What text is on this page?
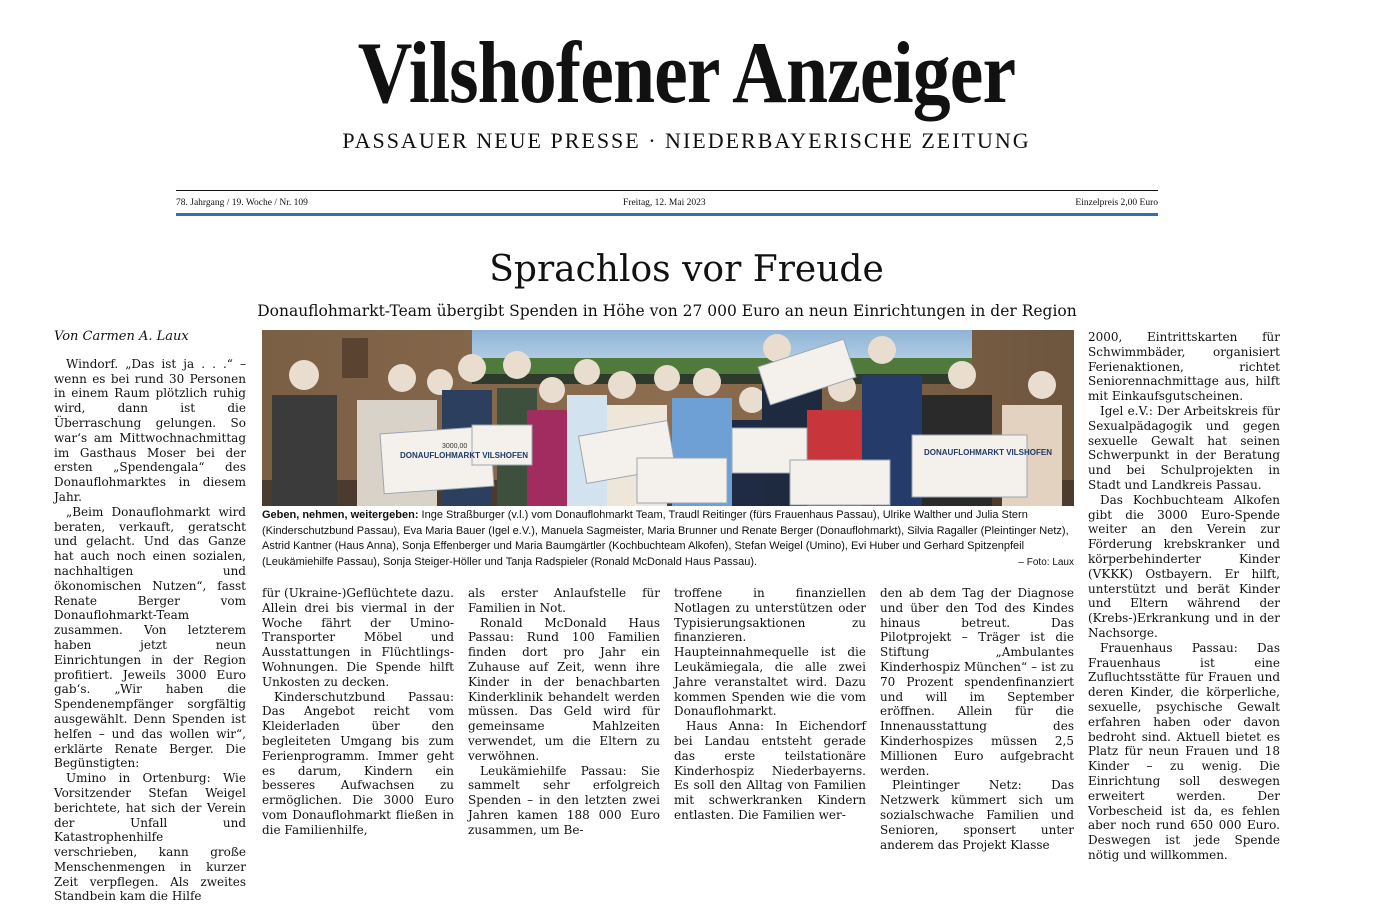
Vilshofener Anzeiger
PASSAUER NEUE PRESSE · NIEDERBAYERISCHE ZEITUNG
78. Jahrgang / 19. Woche / Nr. 109	Freitag, 12. Mai 2023	Einzelpreis 2,00 Euro
Sprachlos vor Freude
Donauflohmarkt-Team übergibt Spenden in Höhe von 27 000 Euro an neun Einrichtungen in der Region

Von Carmen A. Laux

Windorf. „Das ist ja . . .“ – wenn es bei rund 30 Personen in einem Raum plötzlich ruhig wird, dann ist die Überraschung gelungen. So war‘s am Mittwochnachmittag im Gasthaus Moser bei der ersten „Spendengala“ des Donauflohmarktes in diesem Jahr.

„Beim Donauflohmarkt wird beraten, verkauft, geratscht und gelacht. Und das Ganze hat auch noch einen sozialen, nachhaltigen und ökonomischen Nutzen“, fasst Renate Berger vom Donauflohmarkt-Team zusammen. Von letzterem haben jetzt neun Einrichtungen in der Region profitiert. Jeweils 3000 Euro gab‘s. „Wir haben die Spendenempfänger sorgfältig ausgewählt. Denn Spenden ist helfen – und das wollen wir“, erklärte Renate Berger. Die Begünstigten:

Umino in Ortenburg: Wie Vorsitzender Stefan Weigel berichtete, hat sich der Verein der Unfall und Katastrophenhilfe verschrieben, kann große Menschenmengen in kurzer Zeit verpflegen. Als zweites Standbein kam die Hilfe

DONAUFLOHMARKT VILSHOFEN
3000,00
DONAUFLOHMARKT VILSHOFEN
Geben, nehmen, weitergeben: Inge Straßburger (v.l.) vom Donauflohmarkt Team, Traudl Reitinger (fürs Frauenhaus Passau), Ulrike Walther und Julia Stern (Kinderschutzbund Passau), Eva Maria Bauer (Igel e.V.), Manuela Sagmeister, Maria Brunner und Renate Berger (Donauflohmarkt), Silvia Ragaller (Pleintinger Netz), Astrid Kantner (Haus Anna), Sonja Effenberger und Maria Baumgärtler (Kochbuchteam Alkofen), Stefan Weigel (Umino), Evi Huber und Gerhard Spitzenpfeil (Leukämiehilfe Passau), Sonja Steiger-Höller und Tanja Radspieler (Ronald McDonald Haus Passau).	– Foto: Laux

für (Ukraine-)Geflüchtete dazu. Allein drei bis viermal in der Woche fährt der Umino-Transporter Möbel und Ausstattungen in Flüchtlings-Wohnungen. Die Spende hilft Unkosten zu decken.

Kinderschutzbund Passau: Das Angebot reicht vom Kleiderladen über den begleiteten Umgang bis zum Ferienprogramm. Immer geht es darum, Kindern ein besseres Aufwachsen zu ermöglichen. Die 3000 Euro vom Donauflohmarkt fließen in die Familienhilfe,

als erster Anlaufstelle für Familien in Not.

Ronald McDonald Haus Passau: Rund 100 Familien finden dort pro Jahr ein Zuhause auf Zeit, wenn ihre Kinder in der benachbarten Kinderklinik behandelt werden müssen. Das Geld wird für gemeinsame Mahlzeiten verwendet, um die Eltern zu verwöhnen.

Leukämiehilfe Passau: Sie sammelt sehr erfolgreich Spenden – in den letzten zwei Jahren kamen 188 000 Euro zusammen, um Be-

troffene in finanziellen Notlagen zu unterstützen oder Typisierungsaktionen zu finanzieren. Haupteinnahmequelle ist die Leukämiegala, die alle zwei Jahre veranstaltet wird. Dazu kommen Spenden wie die vom Donauflohmarkt.

Haus Anna: In Eichendorf bei Landau entsteht gerade das erste teilstationäre Kinderhospiz Niederbayerns. Es soll den Alltag von Familien mit schwerkranken Kindern entlasten. Die Familien wer-

den ab dem Tag der Diagnose und über den Tod des Kindes hinaus betreut. Das Pilotprojekt – Träger ist die Stiftung „Ambulantes Kinderhospiz München“ – ist zu 70 Prozent spendenfinanziert und will im September eröffnen. Allein für die Innenausstattung des Kinderhospizes müssen 2,5 Millionen Euro aufgebracht werden.

Pleintinger Netz: Das Netzwerk kümmert sich um sozialschwache Familien und Senioren, sponsert unter anderem das Projekt Klasse

2000, Eintrittskarten für Schwimmbäder, organisiert Ferienaktionen, richtet Seniorennachmittage aus, hilft mit Einkaufsgutscheinen.

Igel e.V.: Der Arbeitskreis für Sexualpädagogik und gegen sexuelle Gewalt hat seinen Schwerpunkt in der Beratung und bei Schulprojekten in Stadt und Landkreis Passau.

Das Kochbuchteam Alkofen gibt die 3000 Euro-Spende weiter an den Verein zur Förderung krebskranker und körperbehinderter Kinder (VKKK) Ostbayern. Er hilft, unterstützt und berät Kinder und Eltern während der (Krebs-)Erkrankung und in der Nachsorge.

Frauenhaus Passau: Das Frauenhaus ist eine Zufluchtsstätte für Frauen und deren Kinder, die körperliche, sexuelle, psychische Gewalt erfahren haben oder davon bedroht sind. Aktuell bietet es Platz für neun Frauen und 18 Kinder – zu wenig. Die Einrichtung soll deswegen erweitert werden. Der Vorbescheid ist da, es fehlen aber noch rund 650 000 Euro. Deswegen ist jede Spende nötig und willkommen.
